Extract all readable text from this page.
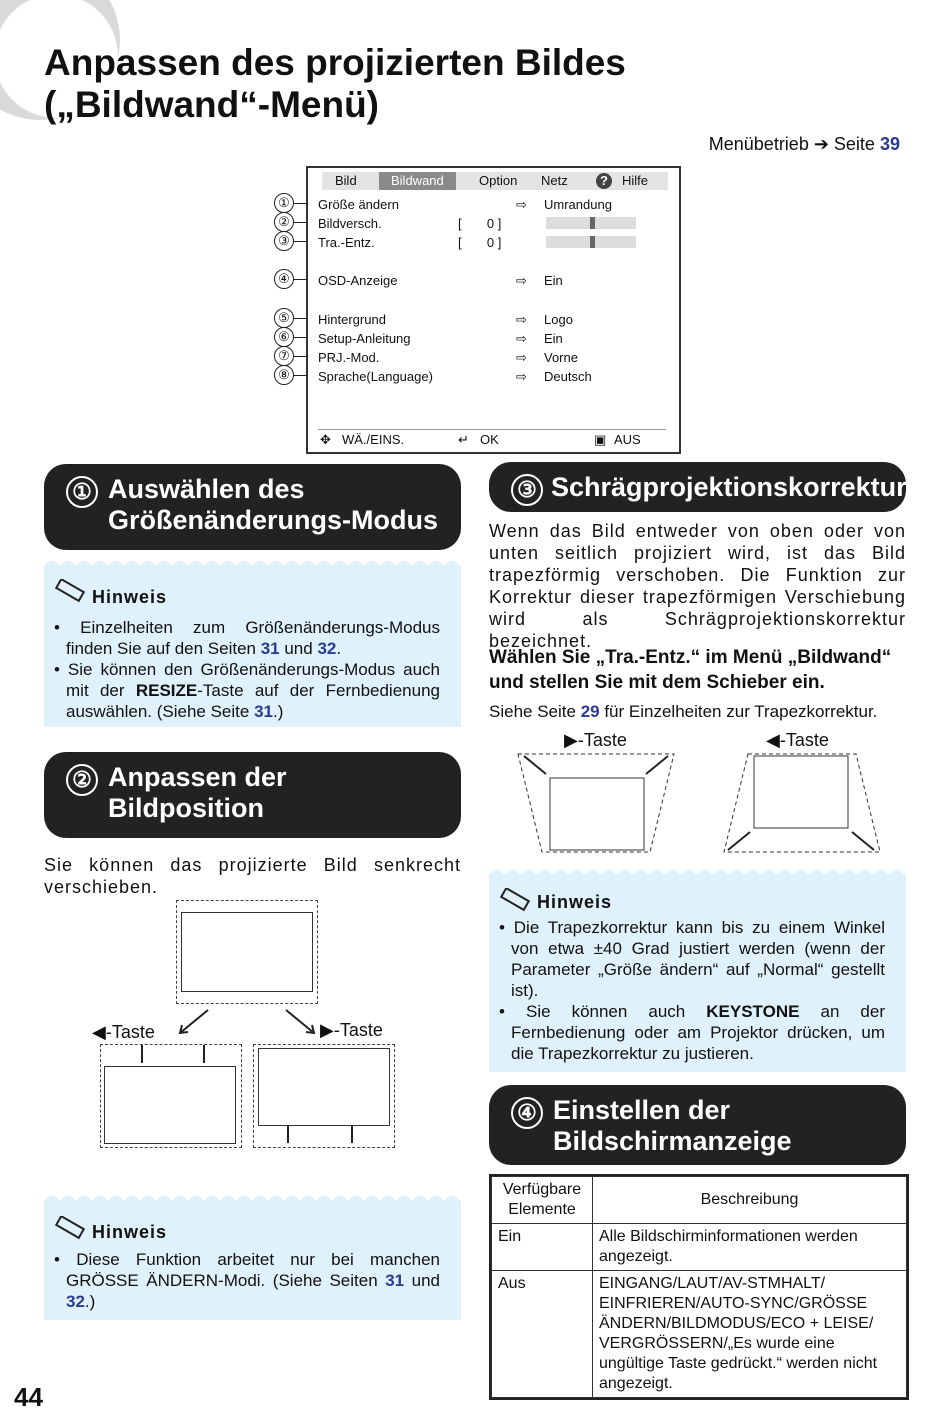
Anpassen des projizierten Bildes
(„Bildwand“-Menü)
Menübetrieb ➔ Seite 39
①
②
③
④
⑤
⑥
⑦
⑧
Bild	Bildwand	Option Netz	?	Hilfe
Größe ändern	⇨ Umrandung
Bildversch.	[       0 ]
Tra.-Entz.	[       0 ]
OSD-Anzeige	⇨ Ein
Hintergrund	⇨ Logo
Setup-Anleitung	⇨ Ein
PRJ.-Mod.	⇨ Vorne
Sprache(Language)	⇨ Deutsch
✥ WÄ./EINS.	↵ OK	▣ AUS
① Auswählen des
Größenänderungs-Modus
Hinweis

• Einzelheiten zum Größenänderungs-Modus finden Sie auf den Seiten 31 und 32.

• Sie können den Größenänderungs-Modus auch mit der RESIZE-Taste auf der Fernbedienung auswählen. (Siehe Seite 31.)

② Anpassen der
Bildposition
Sie können das projizierte Bild senkrecht verschieben.
◀-Taste	▶-Taste
Hinweis

• Diese Funktion arbeitet nur bei manchen GRÖSSE ÄNDERN-Modi. (Siehe Seiten 31 und 32.)

③ Schrägprojektionskorrektur
Wenn das Bild entweder von oben oder von unten seitlich projiziert wird, ist das Bild trapezförmig verschoben. Die Funktion zur Korrektur dieser trapezförmigen Verschiebung wird als Schrägprojektionskorrektur bezeichnet.
Wählen Sie „Tra.-Entz.“ im Menü „Bildwand“ und stellen Sie mit dem Schieber ein.
Siehe Seite 29 für Einzelheiten zur Trapezkorrektur.
▶-Taste	◀-Taste
Hinweis

• Die Trapezkorrektur kann bis zu einem Winkel von etwa ±40 Grad justiert werden (wenn der Parameter „Größe ändern“ auf „Normal“ gestellt ist).

• Sie können auch KEYSTONE an der Fernbedienung oder am Projektor drücken, um die Trapezkorrektur zu justieren.

④ Einstellen der
Bildschirmanzeige
Verfügbare Elemente	Beschreibung
Ein	Alle Bildschirminformationen werden angezeigt.
Aus	EINGANG/LAUT/AV-STMHALT/ EINFRIEREN/AUTO-SYNC/GRÖSSE ÄNDERN/BILDMODUS/ECO + LEISE/ VERGRÖSSERN/„Es wurde eine ungültige Taste gedrückt.“ werden nicht angezeigt.
44
